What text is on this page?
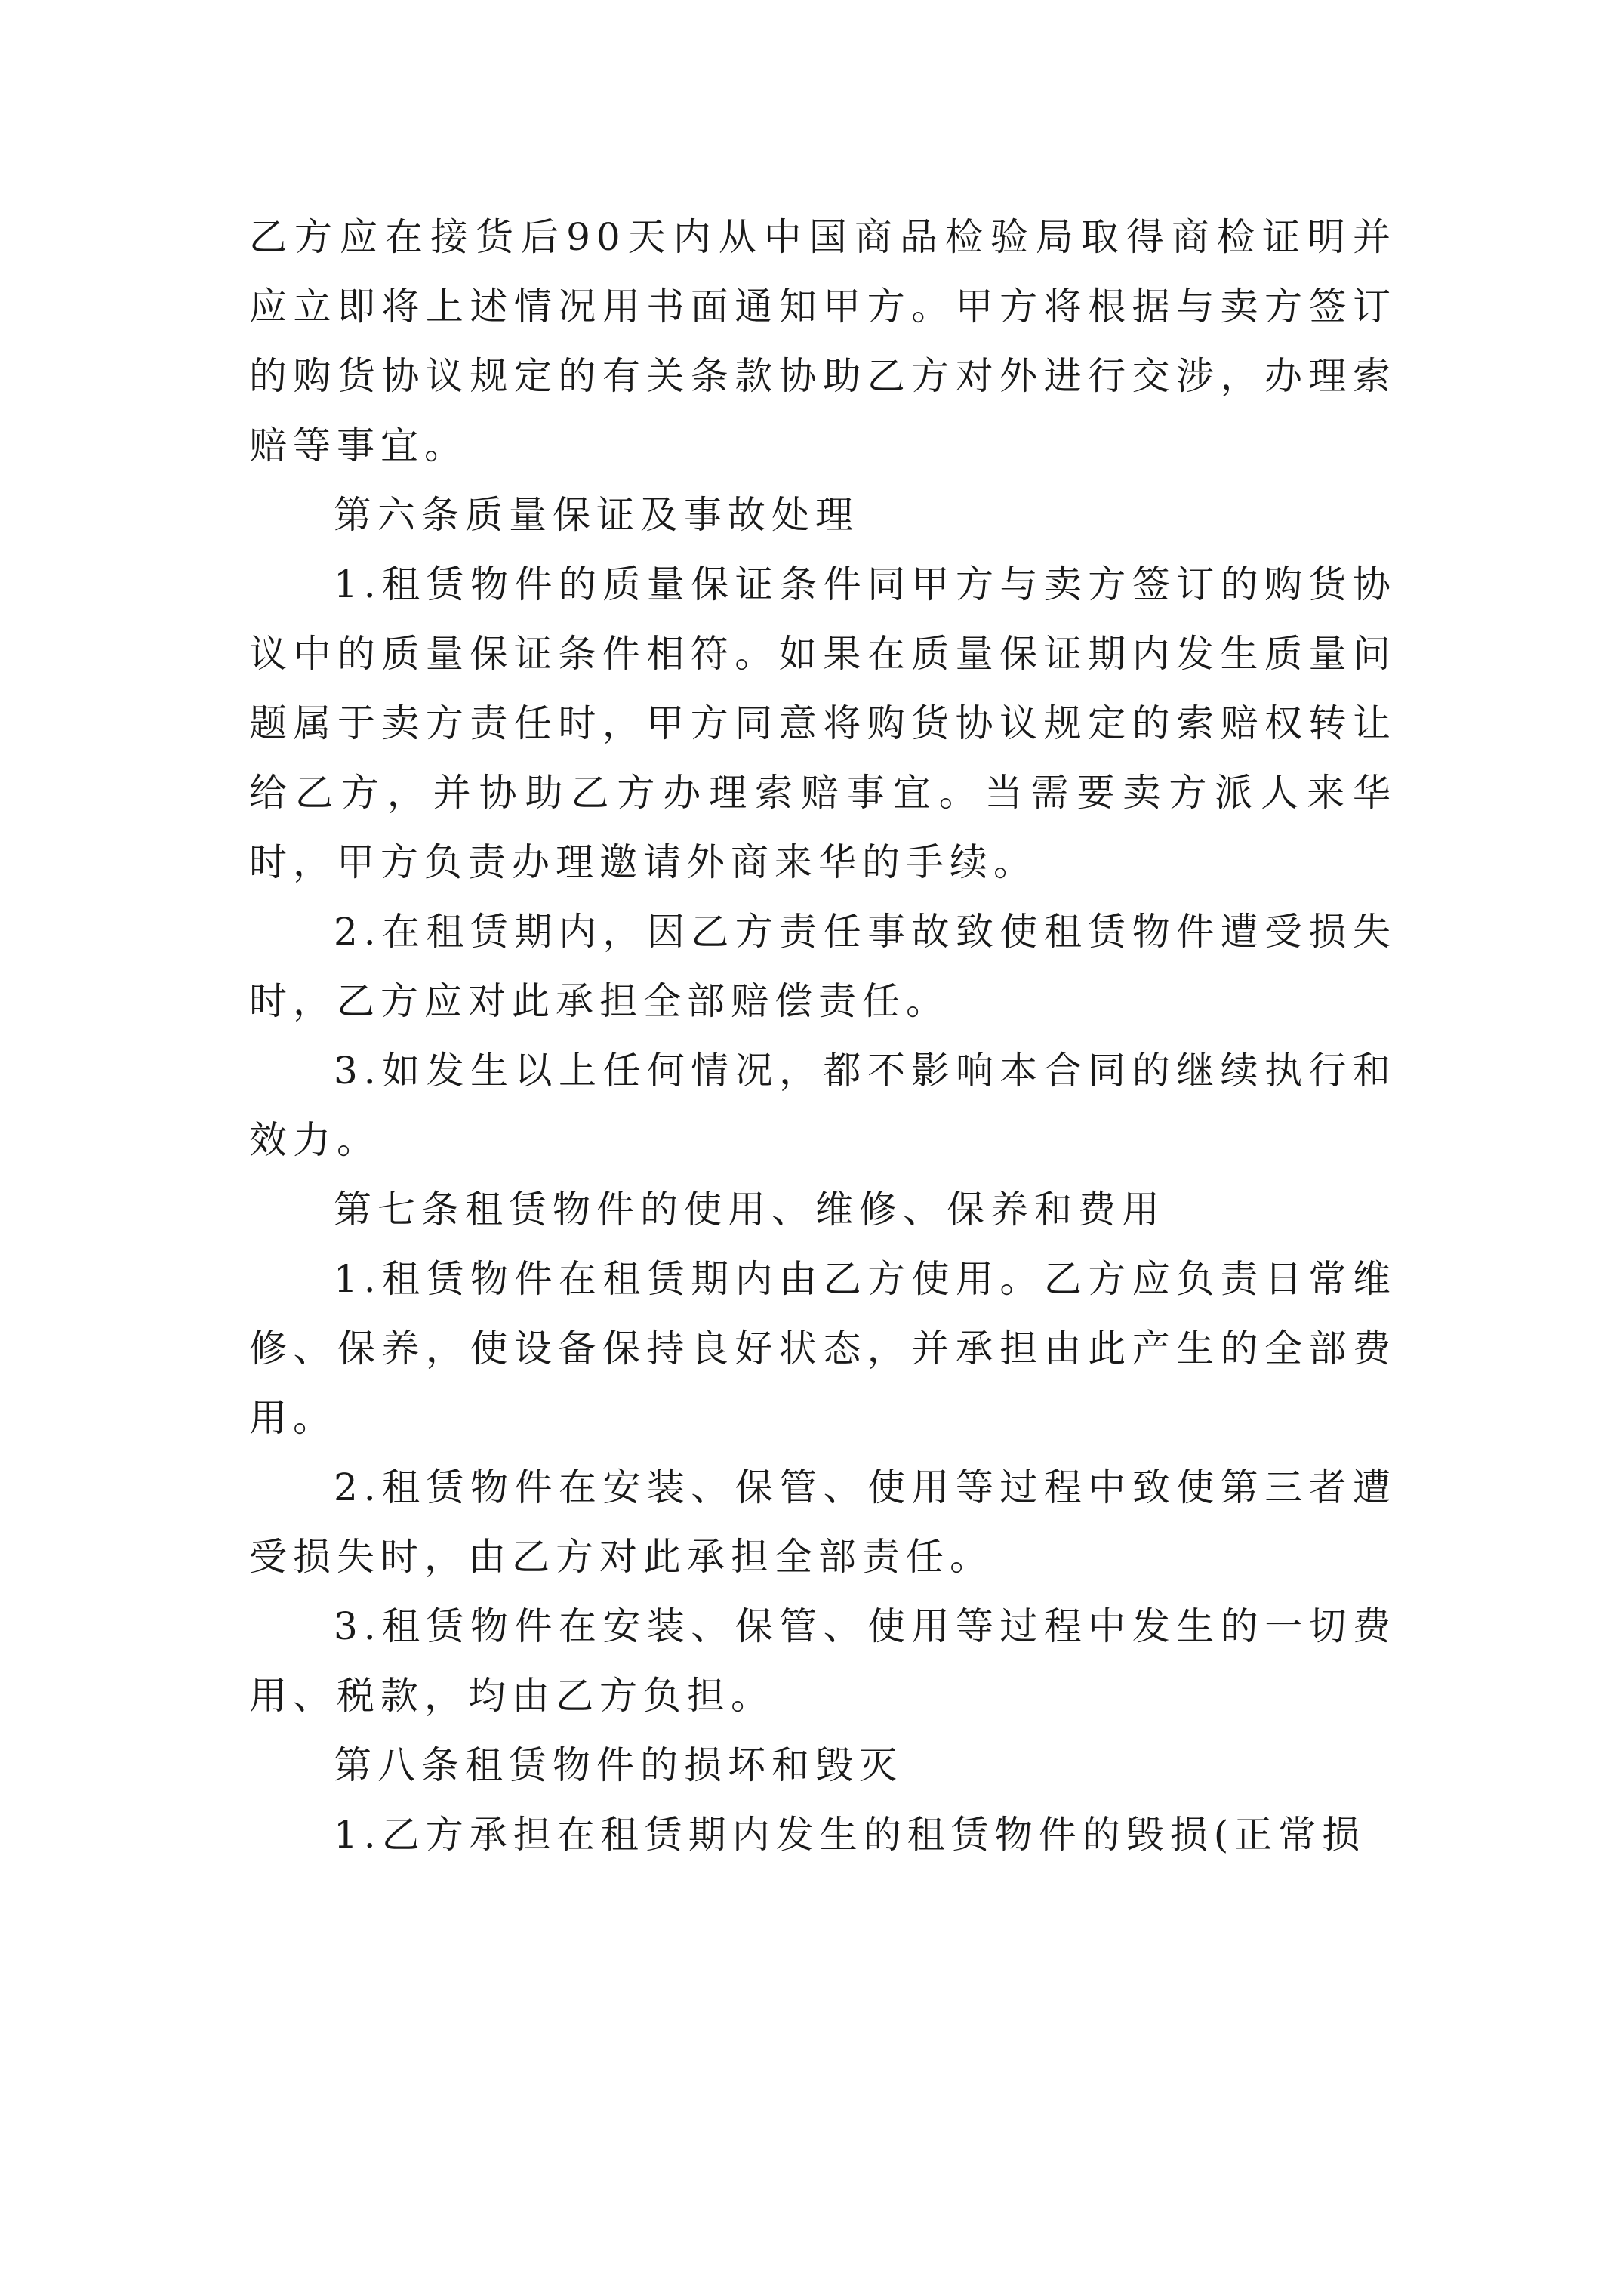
乙方应在接货后90天内从中国商品检验局取得商检证明并应立即将上述情况用书面通知甲方。甲方将根据与卖方签订的购货协议规定的有关条款协助乙方对外进行交涉，办理索赔等事宜。

第六条质量保证及事故处理

1.租赁物件的质量保证条件同甲方与卖方签订的购货协议中的质量保证条件相符。如果在质量保证期内发生质量问题属于卖方责任时，甲方同意将购货协议规定的索赔权转让给乙方，并协助乙方办理索赔事宜。当需要卖方派人来华时，甲方负责办理邀请外商来华的手续。

2.在租赁期内，因乙方责任事故致使租赁物件遭受损失时，乙方应对此承担全部赔偿责任。

3.如发生以上任何情况，都不影响本合同的继续执行和效力。

第七条租赁物件的使用、维修、保养和费用

1.租赁物件在租赁期内由乙方使用。乙方应负责日常维修、保养，使设备保持良好状态，并承担由此产生的全部费用。

2.租赁物件在安装、保管、使用等过程中致使第三者遭受损失时，由乙方对此承担全部责任。

3.租赁物件在安装、保管、使用等过程中发生的一切费用、税款，均由乙方负担。

第八条租赁物件的损坏和毁灭

1.乙方承担在租赁期内发生的租赁物件的毁损(正常损
